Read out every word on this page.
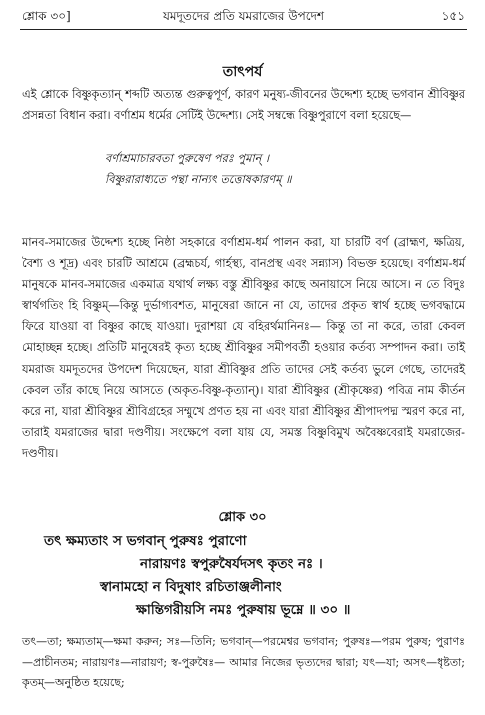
শ্লোক ৩০]	যমদূতদের প্রতি যমরাজের উপদেশ	১৫১
তাৎপর্য
এই শ্লোকে বিষ্ণুকৃত্যান্ শব্দটি অত্যন্ত গুরুত্বপূর্ণ, কারণ মনুষ্য-জীবনের উদ্দেশ্য হচ্ছে ভগবান শ্রীবিষ্ণুর প্রসন্নতা বিধান করা। বর্ণাশ্রম ধর্মের সেটিই উদ্দেশ্য। সেই সম্বন্ধে বিষ্ণুপুরাণে বলা হয়েছে—
বর্ণাশ্রমাচারবতা পুরুষেণ পরঃ পুমান্ ।
বিষ্ণুরারাধ্যতে পন্থা নান্যৎ তত্তোষকারণম্ ॥
মানব-সমাজের উদ্দেশ্য হচ্ছে নিষ্ঠা সহকারে বর্ণাশ্রম-ধর্ম পালন করা, যা চারটি বর্ণ (ব্রাহ্মণ, ক্ষত্রিয়, বৈশ্য ও শূদ্র) এবং চারটি আশ্রমে (ব্রহ্মচর্য, গার্হস্থ্য, বানপ্রস্থ এবং সন্ন্যাস) বিভক্ত হয়েছে। বর্ণাশ্রম-ধর্ম মানুষকে মানব-সমাজের একমাত্র যথার্থ লক্ষ্য বস্তু শ্রীবিষ্ণুর কাছে অনায়াসে নিয়ে আসে। ন তে বিদুঃ স্বার্থগতিং হি বিষ্ণুম্—কিন্তু দুর্ভাগ্যবশত, মানুষেরা জানে না যে, তাদের প্রকৃত স্বার্থ হচ্ছে ভগবদ্ধামে ফিরে যাওয়া বা বিষ্ণুর কাছে যাওয়া। দুরাশয়া যে বহিরর্থমানিনঃ— কিন্তু তা না করে, তারা কেবল মোহাচ্ছন্ন হচ্ছে। প্রতিটি মানুষেরই কৃত্য হচ্ছে শ্রীবিষ্ণুর সমীপবর্তী হওয়ার কর্তব্য সম্পাদন করা। তাই যমরাজ যমদূতদের উপদেশ দিয়েছেন, যারা শ্রীবিষ্ণুর প্রতি তাদের সেই কর্তব্য ভুলে গেছে, তাদেরই কেবল তাঁর কাছে নিয়ে আসতে (অকৃত-বিষ্ণু-কৃত্যান্)। যারা শ্রীবিষ্ণুর (শ্রীকৃষ্ণের) পবিত্র নাম কীর্তন করে না, যারা শ্রীবিষ্ণুর শ্রীবিগ্রহের সম্মুখে প্রণত হয় না এবং যারা শ্রীবিষ্ণুর শ্রীপাদপদ্ম স্মরণ করে না, তারাই যমরাজের দ্বারা দণ্ডণীয়। সংক্ষেপে বলা যায় যে, সমস্ত বিষ্ণুবিমুখ অবৈষ্ণবেরাই যমরাজের- দণ্ডণীয়।
শ্লোক ৩০
তৎ ক্ষম্যতাং স ভগবান্ পুরুষঃ পুরাণো
নারায়ণঃ স্বপুরুষৈর্যদসৎ কৃতং নঃ ।
স্বানামহো ন বিদুষাং রচিতাঞ্জলীনাং
ক্ষান্তিগরীয়সি নমঃ পুরুষায় ভূম্নে ॥ ৩০ ॥
তৎ—তা; ক্ষম্যতাম্—ক্ষমা করুন; সঃ—তিনি; ভগবান্—পরমেশ্বর ভগবান; পুরুষঃ—পরম পুরুষ; পুরাণঃ—প্রাচীনতম; নারায়ণঃ—নারায়ণ; স্ব-পুরুষৈঃ— আমার নিজের ভৃত্যদের দ্বারা; যৎ—যা; অসৎ—ধৃষ্টতা; কৃতম্—অনুষ্ঠিত হয়েছে;
